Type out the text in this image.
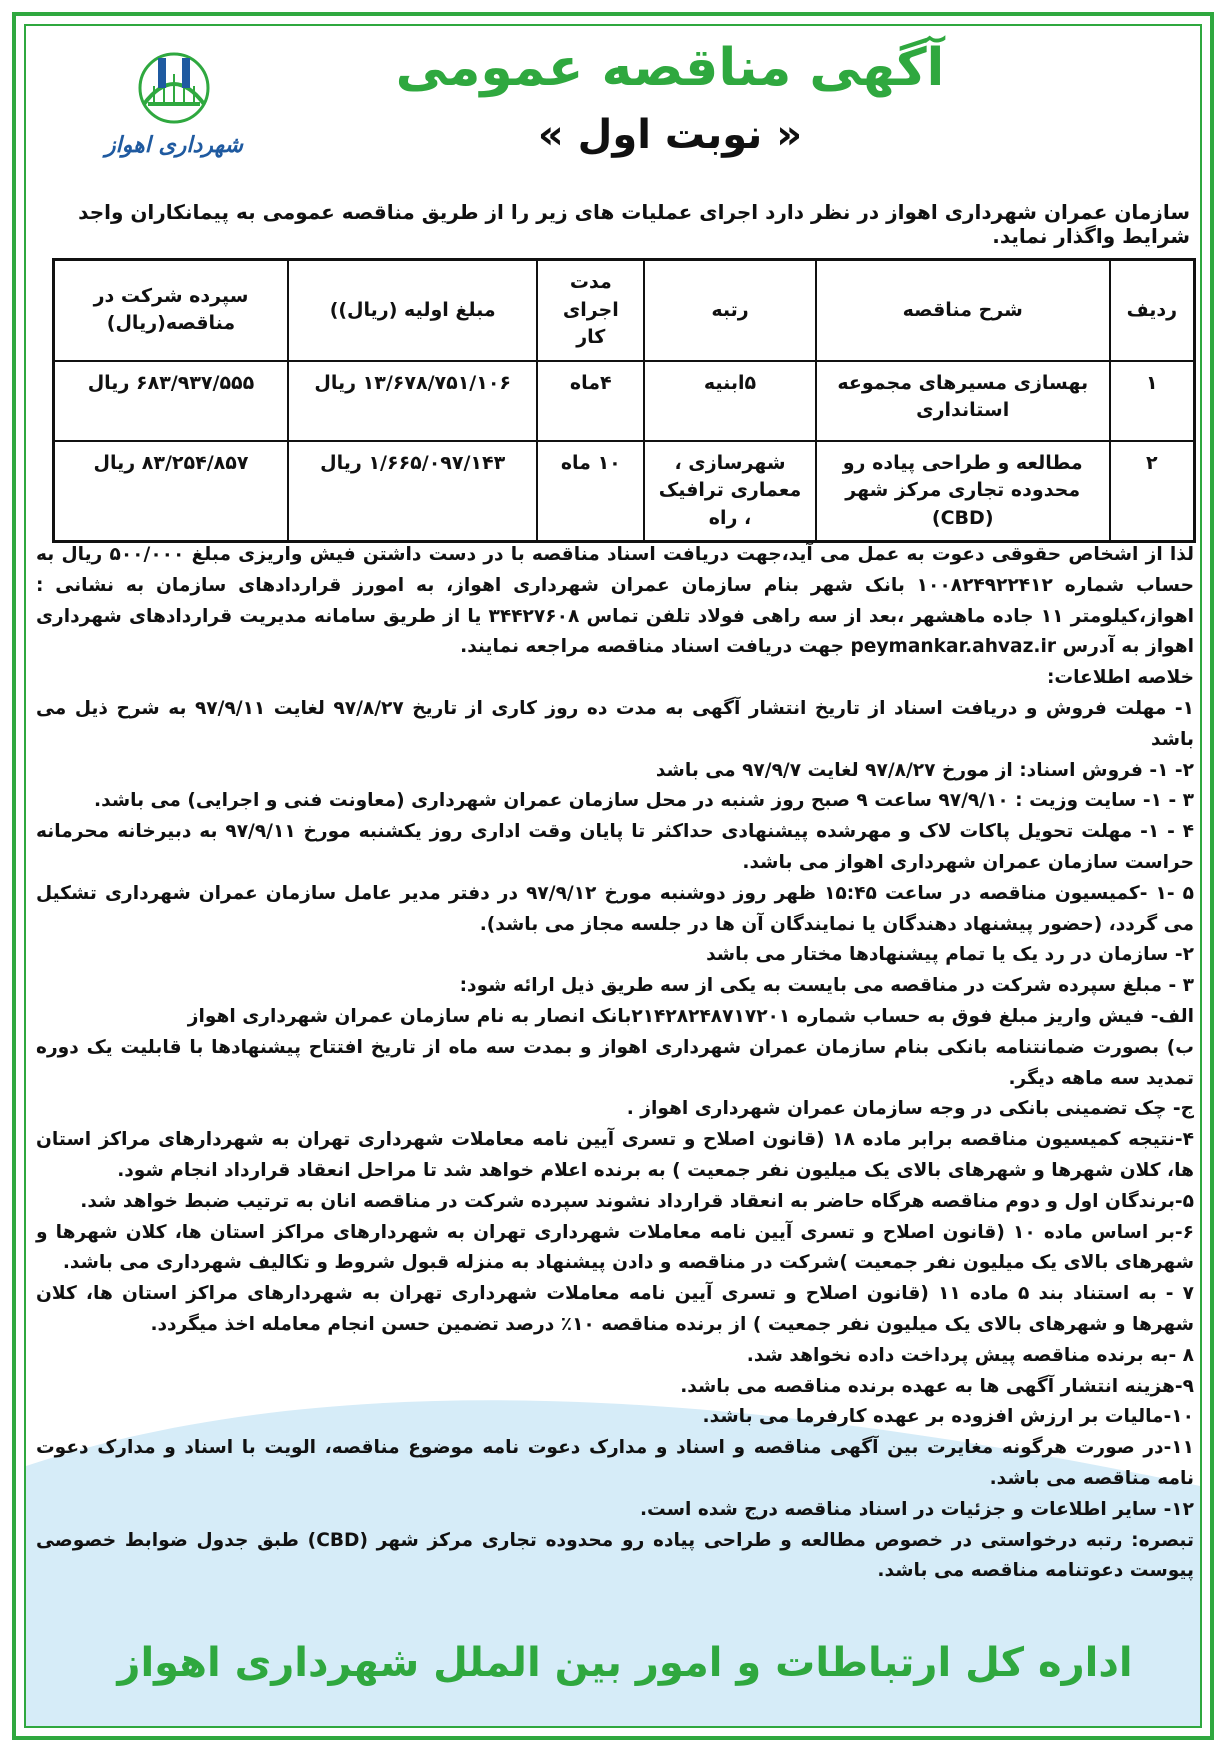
شهرداری اهواز
آگهی مناقصه عمومی
« نوبت اول »
سازمان عمران شهرداری اهواز در نظر دارد اجرای عملیات های زیر را از طریق مناقصه عمومی به پیمانکاران واجد شرایط واگذار نماید.
ردیف	شرح مناقصه	رتبه	مدت اجرای کار	مبلغ اولیه (ریال))	سپرده شرکت در مناقصه(ریال)
۱	بهسازی مسیرهای مجموعه استانداری	۵ابنیه	۴ماه	۱۳/۶۷۸/۷۵۱/۱۰۶ ریال	۶۸۳/۹۳۷/۵۵۵ ریال
۲	مطالعه و طراحی پیاده رو محدوده تجاری مرکز شهر (CBD)	شهرسازی ، معماری ترافیک ، راه	۱۰ ماه	۱/۶۶۵/۰۹۷/۱۴۳ ریال	۸۳/۲۵۴/۸۵۷ ریال

لذا از اشخاص حقوقی دعوت به عمل می آید،جهت دریافت اسناد مناقصه با در دست داشتن فیش واریزی مبلغ ۵۰۰/۰۰۰ ریال به حساب شماره ۱۰۰۸۲۴۹۲۲۴۱۲ بانک شهر بنام سازمان عمران شهرداری اهواز، به امورز قراردادهای سازمان به نشانی : اهواز،کیلومتر ۱۱ جاده ماهشهر ،بعد از سه راهی فولاد تلفن تماس ۳۴۴۲۷۶۰۸ یا از طریق سامانه مدیریت قرارداد‌های شهرداری اهواز به آدرس peymankar.ahvaz.ir جهت دریافت اسناد مناقصه مراجعه نمایند.

خلاصه اطلاعات:

۱- مهلت فروش و دریافت اسناد از تاریخ انتشار آگهی به مدت ده روز کاری از تاریخ ۹۷/۸/۲۷ لغایت ۹۷/۹/۱۱ به شرح ذیل می باشد

۲- ۱- فروش اسناد: از مورخ ۹۷/۸/۲۷ لغایت ۹۷/۹/۷ می باشد

۳ - ۱- سایت وزیت : ۹۷/۹/۱۰ ساعت ۹ صبح روز شنبه در محل سازمان عمران شهرداری (معاونت فنی و اجرایی) می باشد.

۴ - ۱- مهلت تحویل پاکات لاک و مهرشده پیشنهادی حداکثر تا پایان وقت اداری روز یکشنبه مورخ ۹۷/۹/۱۱ به دبیرخانه محرمانه حراست سازمان عمران شهرداری اهواز می باشد.

۵ -۱ -کمیسیون مناقصه در ساعت ۱۵:۴۵ ظهر روز دوشنبه مورخ ۹۷/۹/۱۲ در دفتر مدیر عامل سازمان عمران شهرداری تشکیل می گردد، (حضور پیشنهاد دهندگان یا نمایندگان آن ها در جلسه مجاز می باشد).

۲- سازمان در رد یک یا تمام پیشنهادها مختار می باشد

۳ - مبلغ سپرده شرکت در مناقصه می بایست به یکی از سه طریق ذیل ارائه شود:

الف- فیش واریز مبلغ فوق به حساب شماره ۲۱۴۲۸۲۴۸۷۱۷۲۰۱بانک انصار به نام سازمان عمران شهرداری اهواز

ب) بصورت ضمانتنامه بانکی بنام سازمان عمران شهرداری اهواز و بمدت سه ماه از تاریخ افتتاح پیشنهادها با قابلیت یک دوره تمدید سه ماهه دیگر.

ج- چک تضمینی بانکی در وجه سازمان عمران شهرداری اهواز .

۴-نتیجه کمیسیون مناقصه برابر ماده ۱۸ (قانون اصلاح و تسری آیین نامه معاملات شهرداری تهران به شهردارهای مراکز استان ها، کلان شهرها و شهرهای بالای یک میلیون نفر جمعیت ) به برنده اعلام خواهد شد تا مراحل انعقاد قرارداد انجام شود.

۵-برندگان اول و دوم مناقصه هرگاه حاضر به انعقاد قرارداد نشوند سپرده شرکت در مناقصه انان به ترتیب ضبط خواهد شد.

۶-بر اساس ماده ۱۰ (قانون اصلاح و تسری آیین نامه معاملات شهرداری تهران به شهردارهای مراکز استان ها، کلان شهرها و شهرهای بالای یک میلیون نفر جمعیت )شرکت در مناقصه و دادن پیشنهاد به منزله قبول شروط و تکالیف شهرداری می باشد.

۷ - به استناد بند ۵ ماده ۱۱ (قانون اصلاح و تسری آیین نامه معاملات شهرداری تهران به شهردارهای مراکز استان ها، کلان شهرها و شهرهای بالای یک میلیون نفر جمعیت ) از برنده مناقصه ۱۰٪ درصد تضمین حسن انجام معامله اخذ میگردد.

۸ -به برنده مناقصه پیش پرداخت داده نخواهد شد.

۹-هزینه انتشار آگهی ها به عهده برنده مناقصه می باشد.

۱۰-مالیات بر ارزش افزوده بر عهده کارفرما می باشد.

۱۱-در صورت هرگونه مغایرت بین آگهی مناقصه و اسناد و مدارک دعوت نامه موضوع مناقصه، الویت با اسناد و مدارک دعوت نامه مناقصه می باشد.

۱۲- سایر اطلاعات و جزئیات در اسناد مناقصه درج شده است.

تبصره: رتبه درخواستی در خصوص مطالعه و طراحی پیاده رو محدوده تجاری مرکز شهر (CBD) طبق جدول ضوابط خصوصی پیوست دعوتنامه مناقصه می باشد.

اداره کل ارتباطات و امور بین الملل شهرداری اهواز
